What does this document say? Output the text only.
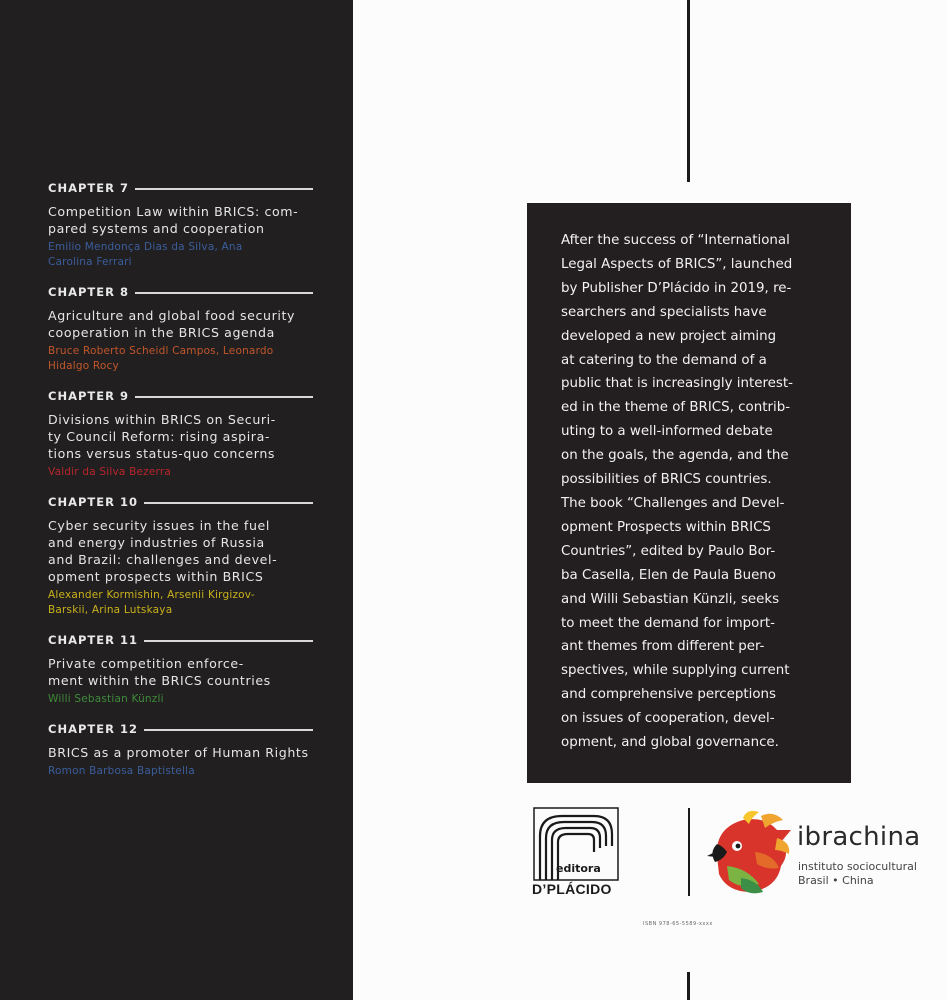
CHAPTER 7
Competition Law within BRICS: com-
pared systems and cooperation
Emilio Mendonça Dias da Silva, Ana
Carolina Ferrari
CHAPTER 8
Agriculture and global food security
cooperation in the BRICS agenda
Bruce Roberto Scheidl Campos, Leonardo
Hidalgo Rocy
CHAPTER 9
Divisions within BRICS on Securi-
ty Council Reform: rising aspira-
tions versus status-quo concerns
Valdir da Silva Bezerra
CHAPTER 10
Cyber security issues in the fuel
and energy industries of Russia
and Brazil: challenges and devel-
opment prospects within BRICS
Alexander Kormishin, Arsenii Kirgizov-
Barskii, Arina Lutskaya
CHAPTER 11
Private competition enforce-
ment within the BRICS countries
Willi Sebastian Künzli
CHAPTER 12
BRICS as a promoter of Human Rights
Romon Barbosa Baptistella
After the success of “International
Legal Aspects of BRICS”, launched
by Publisher D’Plácido in 2019, re-
searchers and specialists have
developed a new project aiming
at catering to the demand of a
public that is increasingly interest-
ed in the theme of BRICS, contrib-
uting to a well-informed debate
on the goals, the agenda, and the
possibilities of BRICS countries.
The book “Challenges and Devel-
opment Prospects within BRICS
Countries”, edited by Paulo Bor-
ba Casella, Elen de Paula Bueno
and Willi Sebastian Künzli, seeks
to meet the demand for import-
ant themes from different per-
spectives, while supplying current
and comprehensive perceptions
on issues of cooperation, devel-
opment, and global governance.
editora
D’PLÁCIDO
ibrachina
instituto sociocultural
Brasil • China
ISBN 978-65-5589-xxxx
